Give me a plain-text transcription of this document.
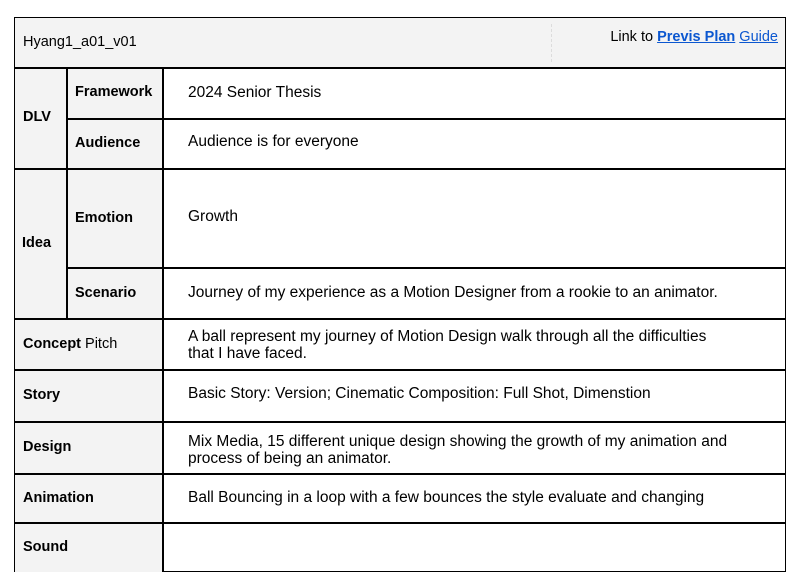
Hyang1_a01_v01	Link to Previs Plan Guide
DLV
Framework
Audience
Idea
Emotion
Scenario
Concept Pitch
Story
Design
Animation
Sound
2024 Senior Thesis
Audience is for everyone
Growth
Journey of my experience as a Motion Designer from a rookie to an animator.
A ball represent my journey of Motion Design walk through all the difficulties
that I have faced.
Basic Story: Version; Cinematic Composition: Full Shot, Dimenstion
Mix Media, 15 different unique design showing the growth of my animation and
process of being an animator.
Ball Bouncing in a loop with a few bounces the style evaluate and changing
